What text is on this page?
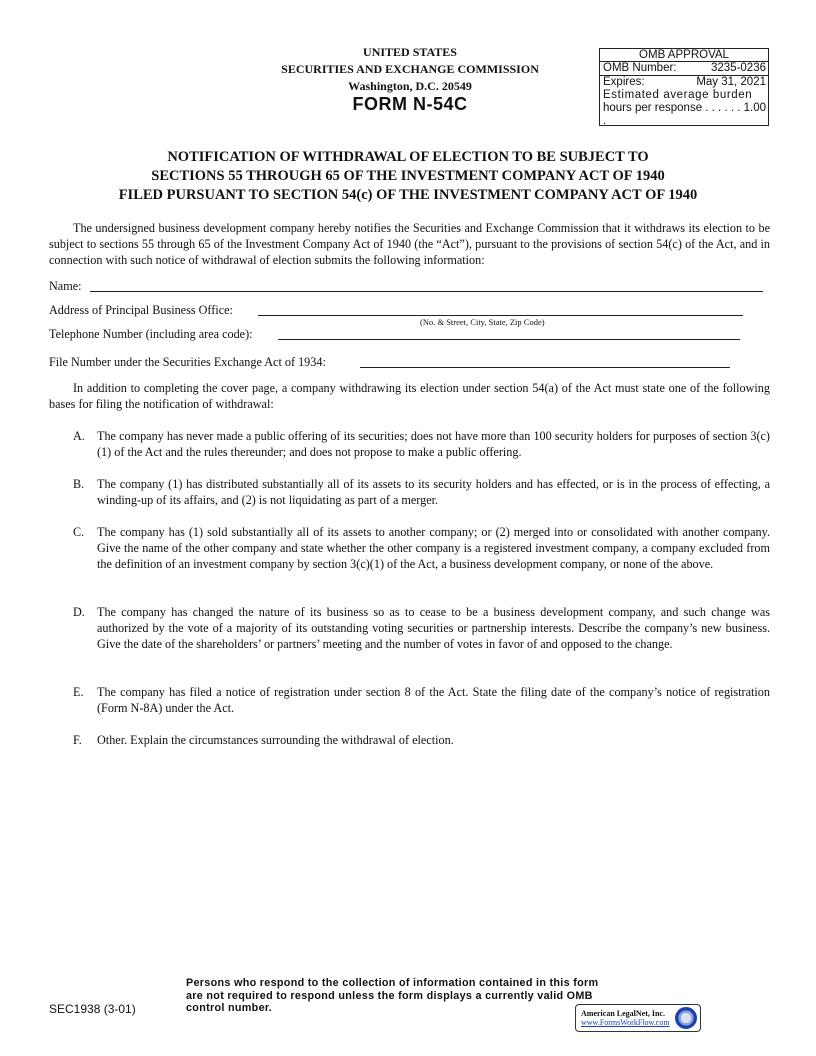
UNITED STATES
SECURITIES AND EXCHANGE COMMISSION
Washington, D.C. 20549
FORM N-54C
OMB APPROVAL
OMB Number:	3235-0236
Expires:	May 31, 2021
Estimated average burden
hours per response . . . . . . .
1.00
NOTIFICATION OF WITHDRAWAL OF ELECTION TO BE SUBJECT TO
SECTIONS 55 THROUGH 65 OF THE INVESTMENT COMPANY ACT OF 1940
FILED PURSUANT TO SECTION 54(c) OF THE INVESTMENT COMPANY ACT OF 1940

The undersigned business development company hereby notifies the Securities and Exchange Commission that it withdraws its election to be subject to sections 55 through 65 of the Investment Company Act of 1940 (the “Act”), pursuant to the provisions of section 54(c) of the Act, and in connection with such notice of withdrawal of election submits the following information:

Name:
Address of Principal Business Office:
(No. & Street, City, State, Zip Code)
Telephone Number (including area code):
File Number under the Securities Exchange Act of 1934:

In addition to completing the cover page, a company withdrawing its election under section 54(a) of the Act must state one of the following bases for filing the notification of withdrawal:

A. The company has never made a public offering of its securities; does not have more than 100 security holders for purposes of section 3(c)(1) of the Act and the rules thereunder; and does not propose to make a public offering.
B.	The company (1) has distributed substantially all of its assets to its security holders and has effected, or is in the process of effecting, a winding-up of its affairs, and (2) is not liquidating as part of a merger.
C.	The company has (1) sold substantially all of its assets to another company; or (2) merged into or consolidated with another company. Give the name of the other company and state whether the other company is a registered investment company, a company excluded from the definition of an investment company by section 3(c)(1) of the Act, a business development company, or none of the above.
D. The company has changed the nature of its business so as to cease to be a business development company, and such change was authorized by the vote of a majority of its outstanding voting securities or partnership interests. Describe the company’s new business. Give the date of the shareholders’ or partners’ meeting and the number of votes in favor of and opposed to the change.
E.	The company has filed a notice of registration under section 8 of the Act. State the filing date of the company’s notice of registration (Form N-8A) under the Act.
F.	Other. Explain the circumstances surrounding the withdrawal of election.
Persons who respond to the collection of information contained in this form are not required to respond unless the form displays a currently valid OMB control number.
SEC1938 (3-01)	American LegalNet, Inc.
www.FormsWorkFlow.com
